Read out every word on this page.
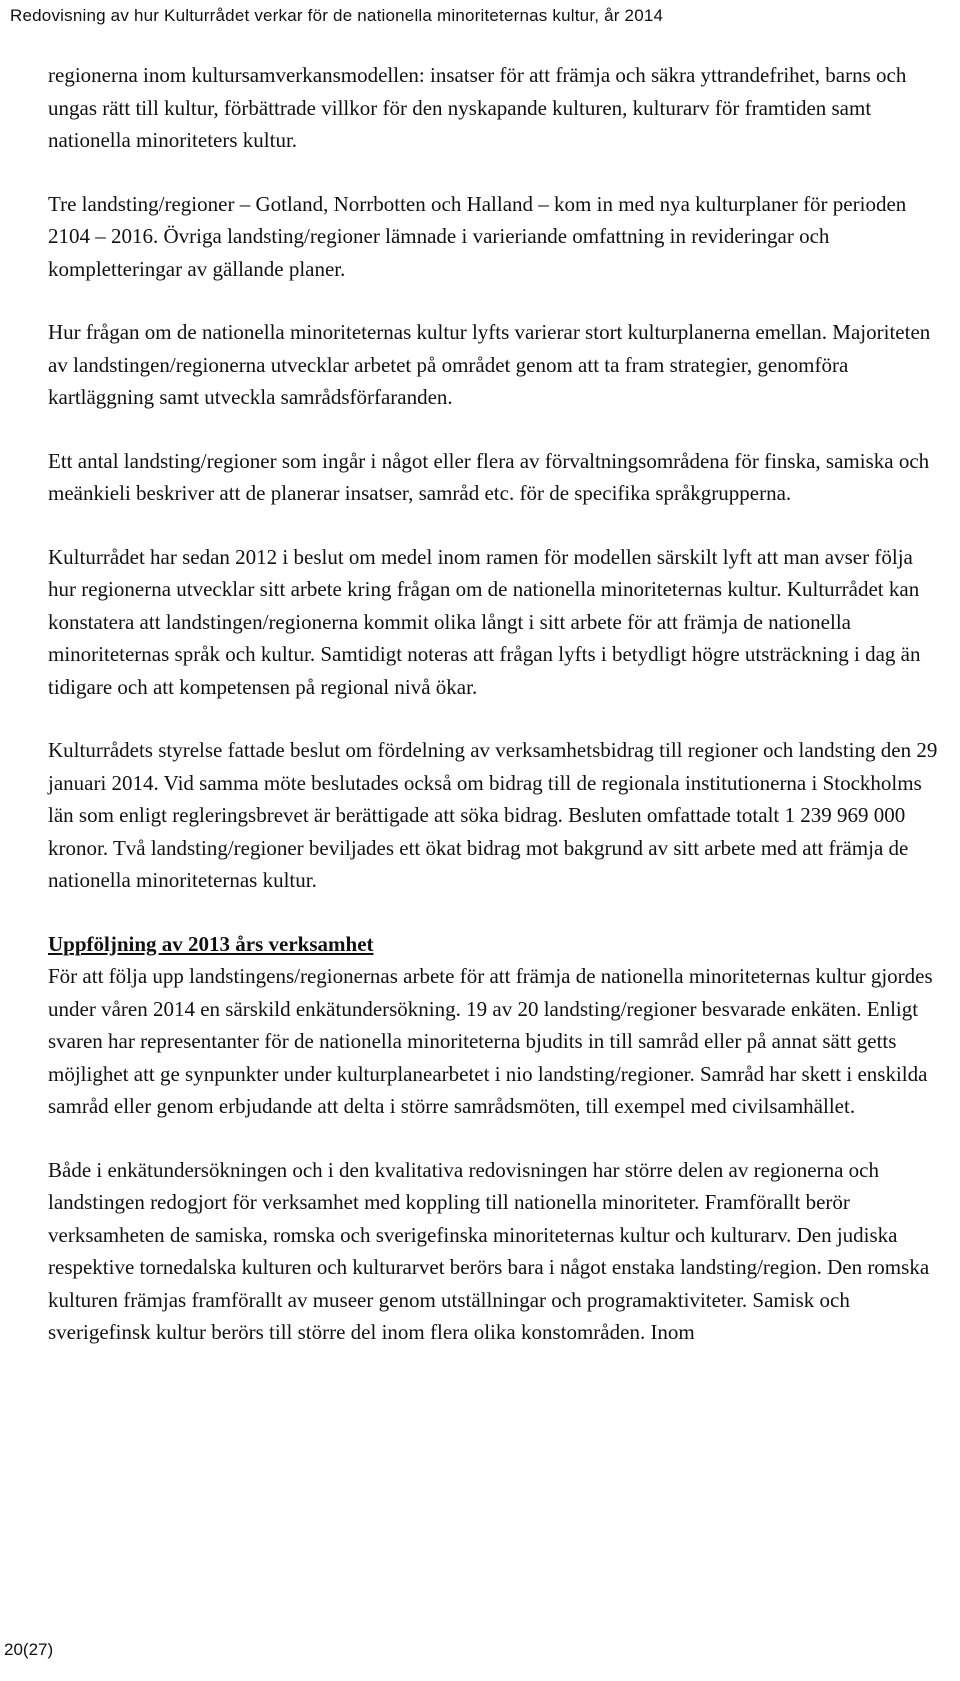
Redovisning av hur Kulturrådet verkar för de nationella minoriteternas kultur, år 2014

regionerna inom kultursamverkansmodellen: insatser för att främja och säkra yttrandefrihet, barns och ungas rätt till kultur, förbättrade villkor för den nyskapande kulturen, kulturarv för framtiden samt nationella minoriteters kultur.

Tre landsting/regioner – Gotland, Norrbotten och Halland – kom in med nya kulturplaner för perioden 2104 – 2016. Övriga landsting/regioner lämnade i varieriande omfattning in revideringar och kompletteringar av gällande planer.

Hur frågan om de nationella minoriteternas kultur lyfts varierar stort kulturplanerna emellan. Majoriteten av landstingen/regionerna utvecklar arbetet på området genom att ta fram strategier, genomföra kartläggning samt utveckla samrådsförfaranden.

Ett antal landsting/regioner som ingår i något eller flera av förvaltningsområdena för finska, samiska och meänkieli beskriver att de planerar insatser, samråd etc. för de specifika språkgrupperna.

Kulturrådet har sedan 2012 i beslut om medel inom ramen för modellen särskilt lyft att man avser följa hur regionerna utvecklar sitt arbete kring frågan om de nationella minoriteternas kultur. Kulturrådet kan konstatera att landstingen/regionerna kommit olika långt i sitt arbete för att främja de nationella minoriteternas språk och kultur. Samtidigt noteras att frågan lyfts i betydligt högre utsträckning i dag än tidigare och att kompetensen på regional nivå ökar.

Kulturrådets styrelse fattade beslut om fördelning av verksamhetsbidrag till regioner och landsting den 29 januari 2014. Vid samma möte beslutades också om bidrag till de regionala institutionerna i Stockholms län som enligt regleringsbrevet är berättigade att söka bidrag. Besluten omfattade totalt 1 239 969 000 kronor. Två landsting/regioner beviljades ett ökat bidrag mot bakgrund av sitt arbete med att främja de nationella minoriteternas kultur.

Uppföljning av 2013 års verksamhet

För att följa upp landstingens/regionernas arbete för att främja de nationella minoriteternas kultur gjordes under våren 2014 en särskild enkätundersökning. 19 av 20 landsting/regioner besvarade enkäten. Enligt svaren har representanter för de nationella minoriteterna bjudits in till samråd eller på annat sätt getts möjlighet att ge synpunkter under kulturplanearbetet i nio landsting/regioner. Samråd har skett i enskilda samråd eller genom erbjudande att delta i större samrådsmöten, till exempel med civilsamhället.

Både i enkätundersökningen och i den kvalitativa redovisningen har större delen av regionerna och landstingen redogjort för verksamhet med koppling till nationella minoriteter. Framförallt berör verksamheten de samiska, romska och sverigefinska minoriteternas kultur och kulturarv. Den judiska respektive tornedalska kulturen och kulturarvet berörs bara i något enstaka landsting/region. Den romska kulturen främjas framförallt av museer genom utställningar och programaktiviteter. Samisk och sverigefinsk kultur berörs till större del inom flera olika konstområden. Inom

20(27)
